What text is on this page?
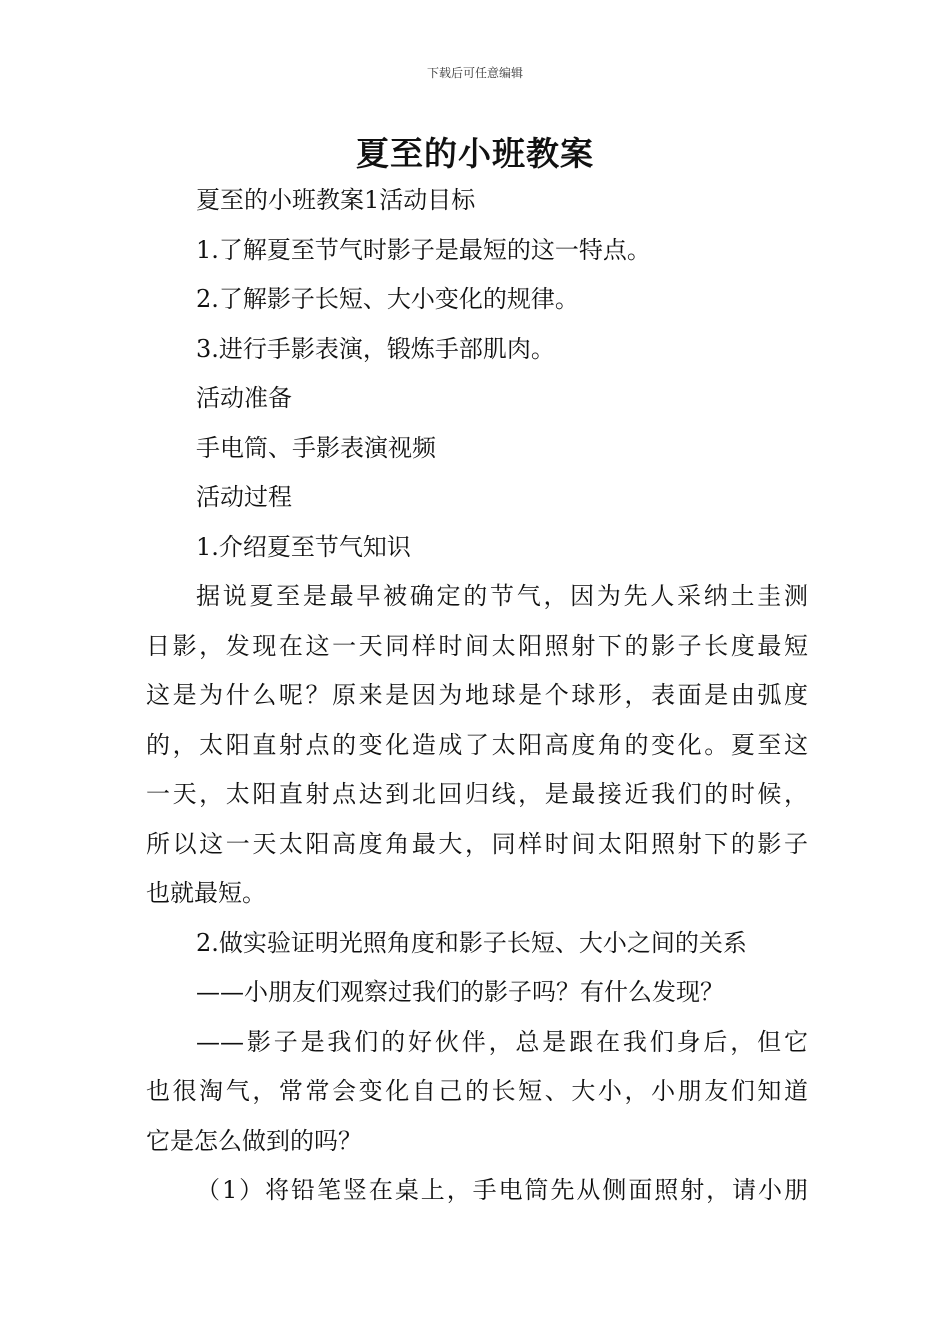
下载后可任意编辑
夏至的小班教案

夏至的小班教案1活动目标

1.了解夏至节气时影子是最短的这一特点。

2.了解影子长短、大小变化的规律。

3.进行手影表演，锻炼手部肌肉。

活动准备

手电筒、手影表演视频

活动过程

1.介绍夏至节气知识

据说夏至是最早被确定的节气，因为先人采纳土圭测

日影，发现在这一天同样时间太阳照射下的影子长度最短

这是为什么呢？原来是因为地球是个球形，表面是由弧度

的，太阳直射点的变化造成了太阳高度角的变化。夏至这

一天，太阳直射点达到北回归线，是最接近我们的时候，

所以这一天太阳高度角最大，同样时间太阳照射下的影子

也就最短。

2.做实验证明光照角度和影子长短、大小之间的关系

——小朋友们观察过我们的影子吗？有什么发现？

——影子是我们的好伙伴，总是跟在我们身后，但它

也很淘气，常常会变化自己的长短、大小，小朋友们知道

它是怎么做到的吗？

（1）将铅笔竖在桌上，手电筒先从侧面照射，请小朋
